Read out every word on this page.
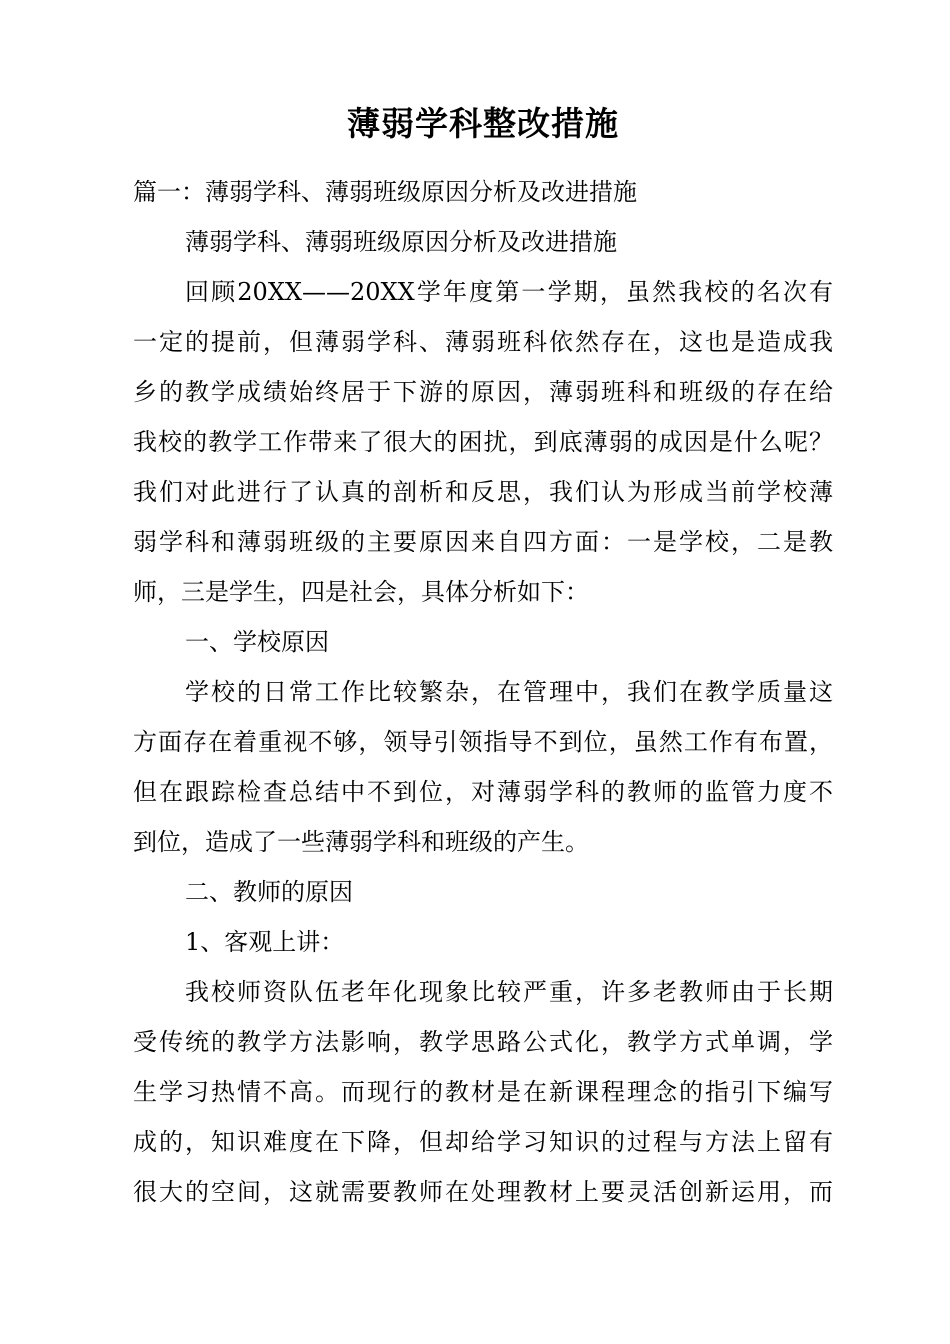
薄弱学科整改措施

篇一：薄弱学科、薄弱班级原因分析及改进措施

薄弱学科、薄弱班级原因分析及改进措施

回顾20XX——20XX学年度第一学期，虽然我校的名次有

一定的提前，但薄弱学科、薄弱班科依然存在，这也是造成我

乡的教学成绩始终居于下游的原因，薄弱班科和班级的存在给

我校的教学工作带来了很大的困扰，到底薄弱的成因是什么呢？

我们对此进行了认真的剖析和反思，我们认为形成当前学校薄

弱学科和薄弱班级的主要原因来自四方面：一是学校，二是教

师，三是学生，四是社会，具体分析如下：

一、学校原因

学校的日常工作比较繁杂，在管理中，我们在教学质量这

方面存在着重视不够，领导引领指导不到位，虽然工作有布置，

但在跟踪检查总结中不到位，对薄弱学科的教师的监管力度不

到位，造成了一些薄弱学科和班级的产生。

二、教师的原因

1、客观上讲：

我校师资队伍老年化现象比较严重，许多老教师由于长期

受传统的教学方法影响，教学思路公式化，教学方式单调，学

生学习热情不高。而现行的教材是在新课程理念的指引下编写

成的，知识难度在下降，但却给学习知识的过程与方法上留有

很大的空间，这就需要教师在处理教材上要灵活创新运用，而
